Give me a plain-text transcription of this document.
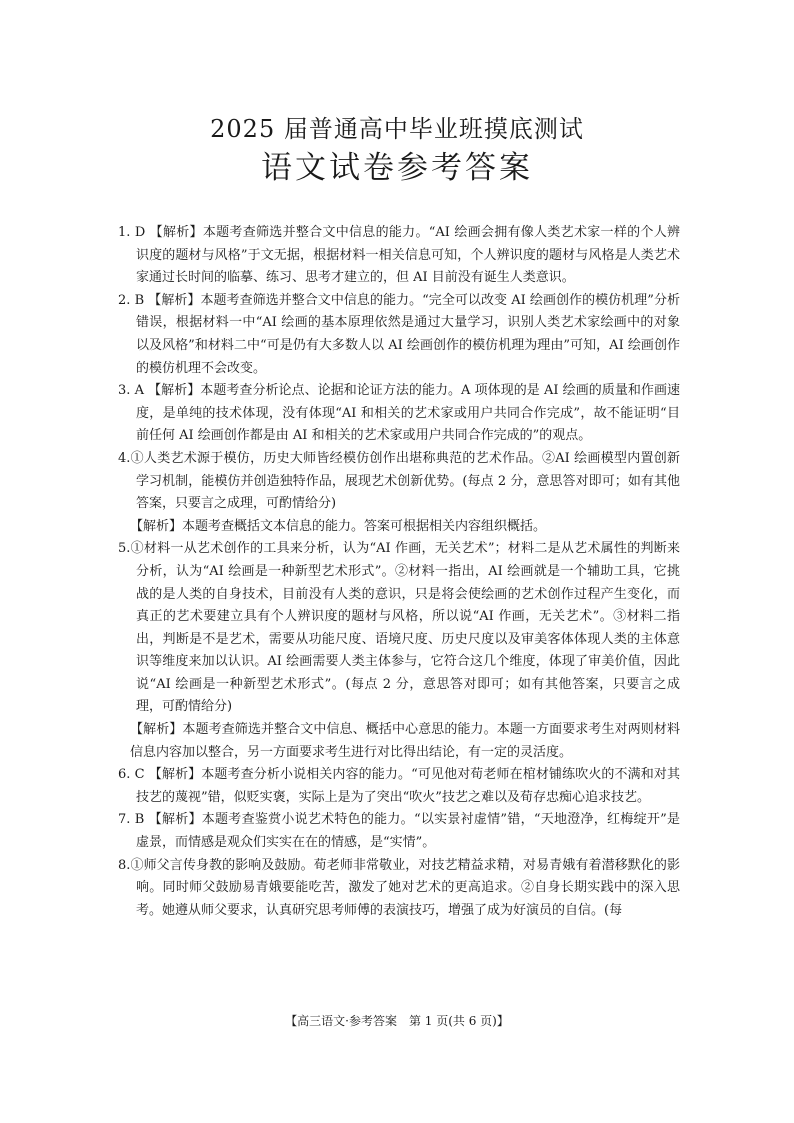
2025 届普通高中毕业班摸底测试
语文试卷参考答案

1. D 【解析】本题考查筛选并整合文中信息的能力。“AI 绘画会拥有像人类艺术家一样的个人辨识度的题材与风格”于文无据，根据材料一相关信息可知，个人辨识度的题材与风格是人类艺术家通过长时间的临摹、练习、思考才建立的，但 AI 目前没有诞生人类意识。

2. B 【解析】本题考查筛选并整合文中信息的能力。“完全可以改变 AI 绘画创作的模仿机理”分析错误，根据材料一中“AI 绘画的基本原理依然是通过大量学习，识别人类艺术家绘画中的对象以及风格”和材料二中“可是仍有大多数人以 AI 绘画创作的模仿机理为理由”可知，AI 绘画创作的模仿机理不会改变。

3. A 【解析】本题考查分析论点、论据和论证方法的能力。A 项体现的是 AI 绘画的质量和作画速度，是单纯的技术体现，没有体现“AI 和相关的艺术家或用户共同合作完成”，故不能证明“目前任何 AI 绘画创作都是由 AI 和相关的艺术家或用户共同合作完成的”的观点。

4.①人类艺术源于模仿，历史大师皆经模仿创作出堪称典范的艺术作品。②AI 绘画模型内置创新学习机制，能模仿并创造独特作品，展现艺术创新优势。(每点 2 分，意思答对即可；如有其他答案，只要言之成理，可酌情给分)

【解析】本题考查概括文本信息的能力。答案可根据相关内容组织概括。

5.①材料一从艺术创作的工具来分析，认为“AI 作画，无关艺术”；材料二是从艺术属性的判断来分析，认为“AI 绘画是一种新型艺术形式”。②材料一指出，AI 绘画就是一个辅助工具，它挑战的是人类的自身技术，目前没有人类的意识，只是将会使绘画的艺术创作过程产生变化，而真正的艺术要建立具有个人辨识度的题材与风格，所以说“AI 作画，无关艺术”。③材料二指出，判断是不是艺术，需要从功能尺度、语境尺度、历史尺度以及审美客体体现人类的主体意识等维度来加以认识。AI 绘画需要人类主体参与，它符合这几个维度，体现了审美价值，因此说“AI 绘画是一种新型艺术形式”。(每点 2 分，意思答对即可；如有其他答案，只要言之成理，可酌情给分)

【解析】本题考查筛选并整合文中信息、概括中心意思的能力。本题一方面要求考生对两则材料信息内容加以整合，另一方面要求考生进行对比得出结论，有一定的灵活度。

6. C 【解析】本题考查分析小说相关内容的能力。“可见他对荀老师在棺材铺练吹火的不满和对其技艺的蔑视”错，似贬实褒，实际上是为了突出“吹火”技艺之难以及荀存忠痴心追求技艺。

7. B 【解析】本题考查鉴赏小说艺术特色的能力。“以实景衬虚情”错，“天地澄净，红梅绽开”是虚景，而情感是观众们实实在在的情感，是“实情”。

8.①师父言传身教的影响及鼓励。荀老师非常敬业，对技艺精益求精，对易青娥有着潜移默化的影响。同时师父鼓励易青娥要能吃苦，激发了她对艺术的更高追求。②自身长期实践中的深入思考。她遵从师父要求，认真研究思考师傅的表演技巧，增强了成为好演员的自信。(每

【高三语文·参考答案　第 1 页(共 6 页)】
